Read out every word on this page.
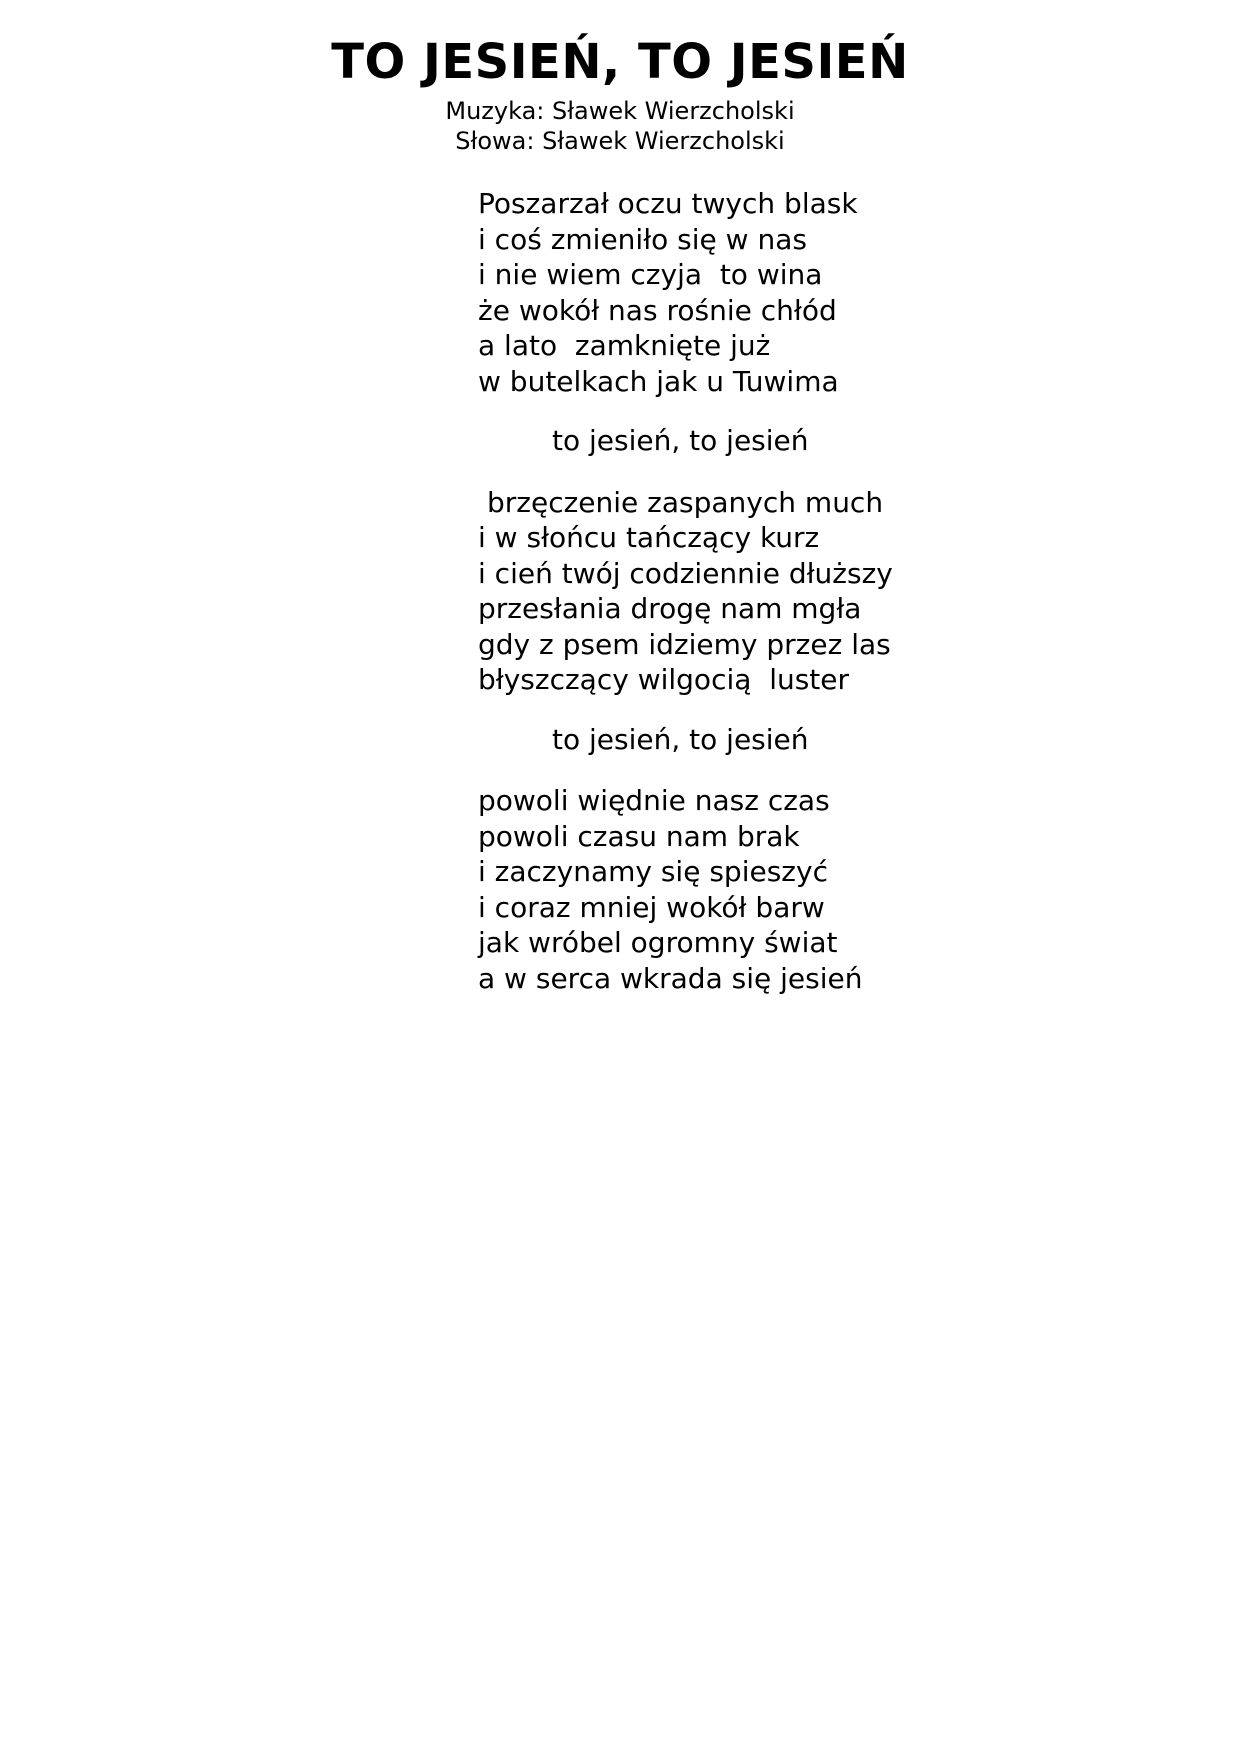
TO JESIEŃ, TO JESIEŃ
Muzyka: Sławek Wierzcholski
Słowa: Sławek Wierzcholski
Poszarzał oczu twych blask
i coś zmieniło się w nas
i nie wiem czyja  to wina
że wokół nas rośnie chłód
a lato  zamknięte już
w butelkach jak u Tuwima
to jesień, to jesień
brzęczenie zaspanych much
i w słońcu tańczący kurz
i cień twój codziennie dłuższy
przesłania drogę nam mgła
gdy z psem idziemy przez las
błyszczący wilgocią  luster
to jesień, to jesień
powoli więdnie nasz czas
powoli czasu nam brak
i zaczynamy się spieszyć
i coraz mniej wokół barw
jak wróbel ogromny świat
a w serca wkrada się jesień
